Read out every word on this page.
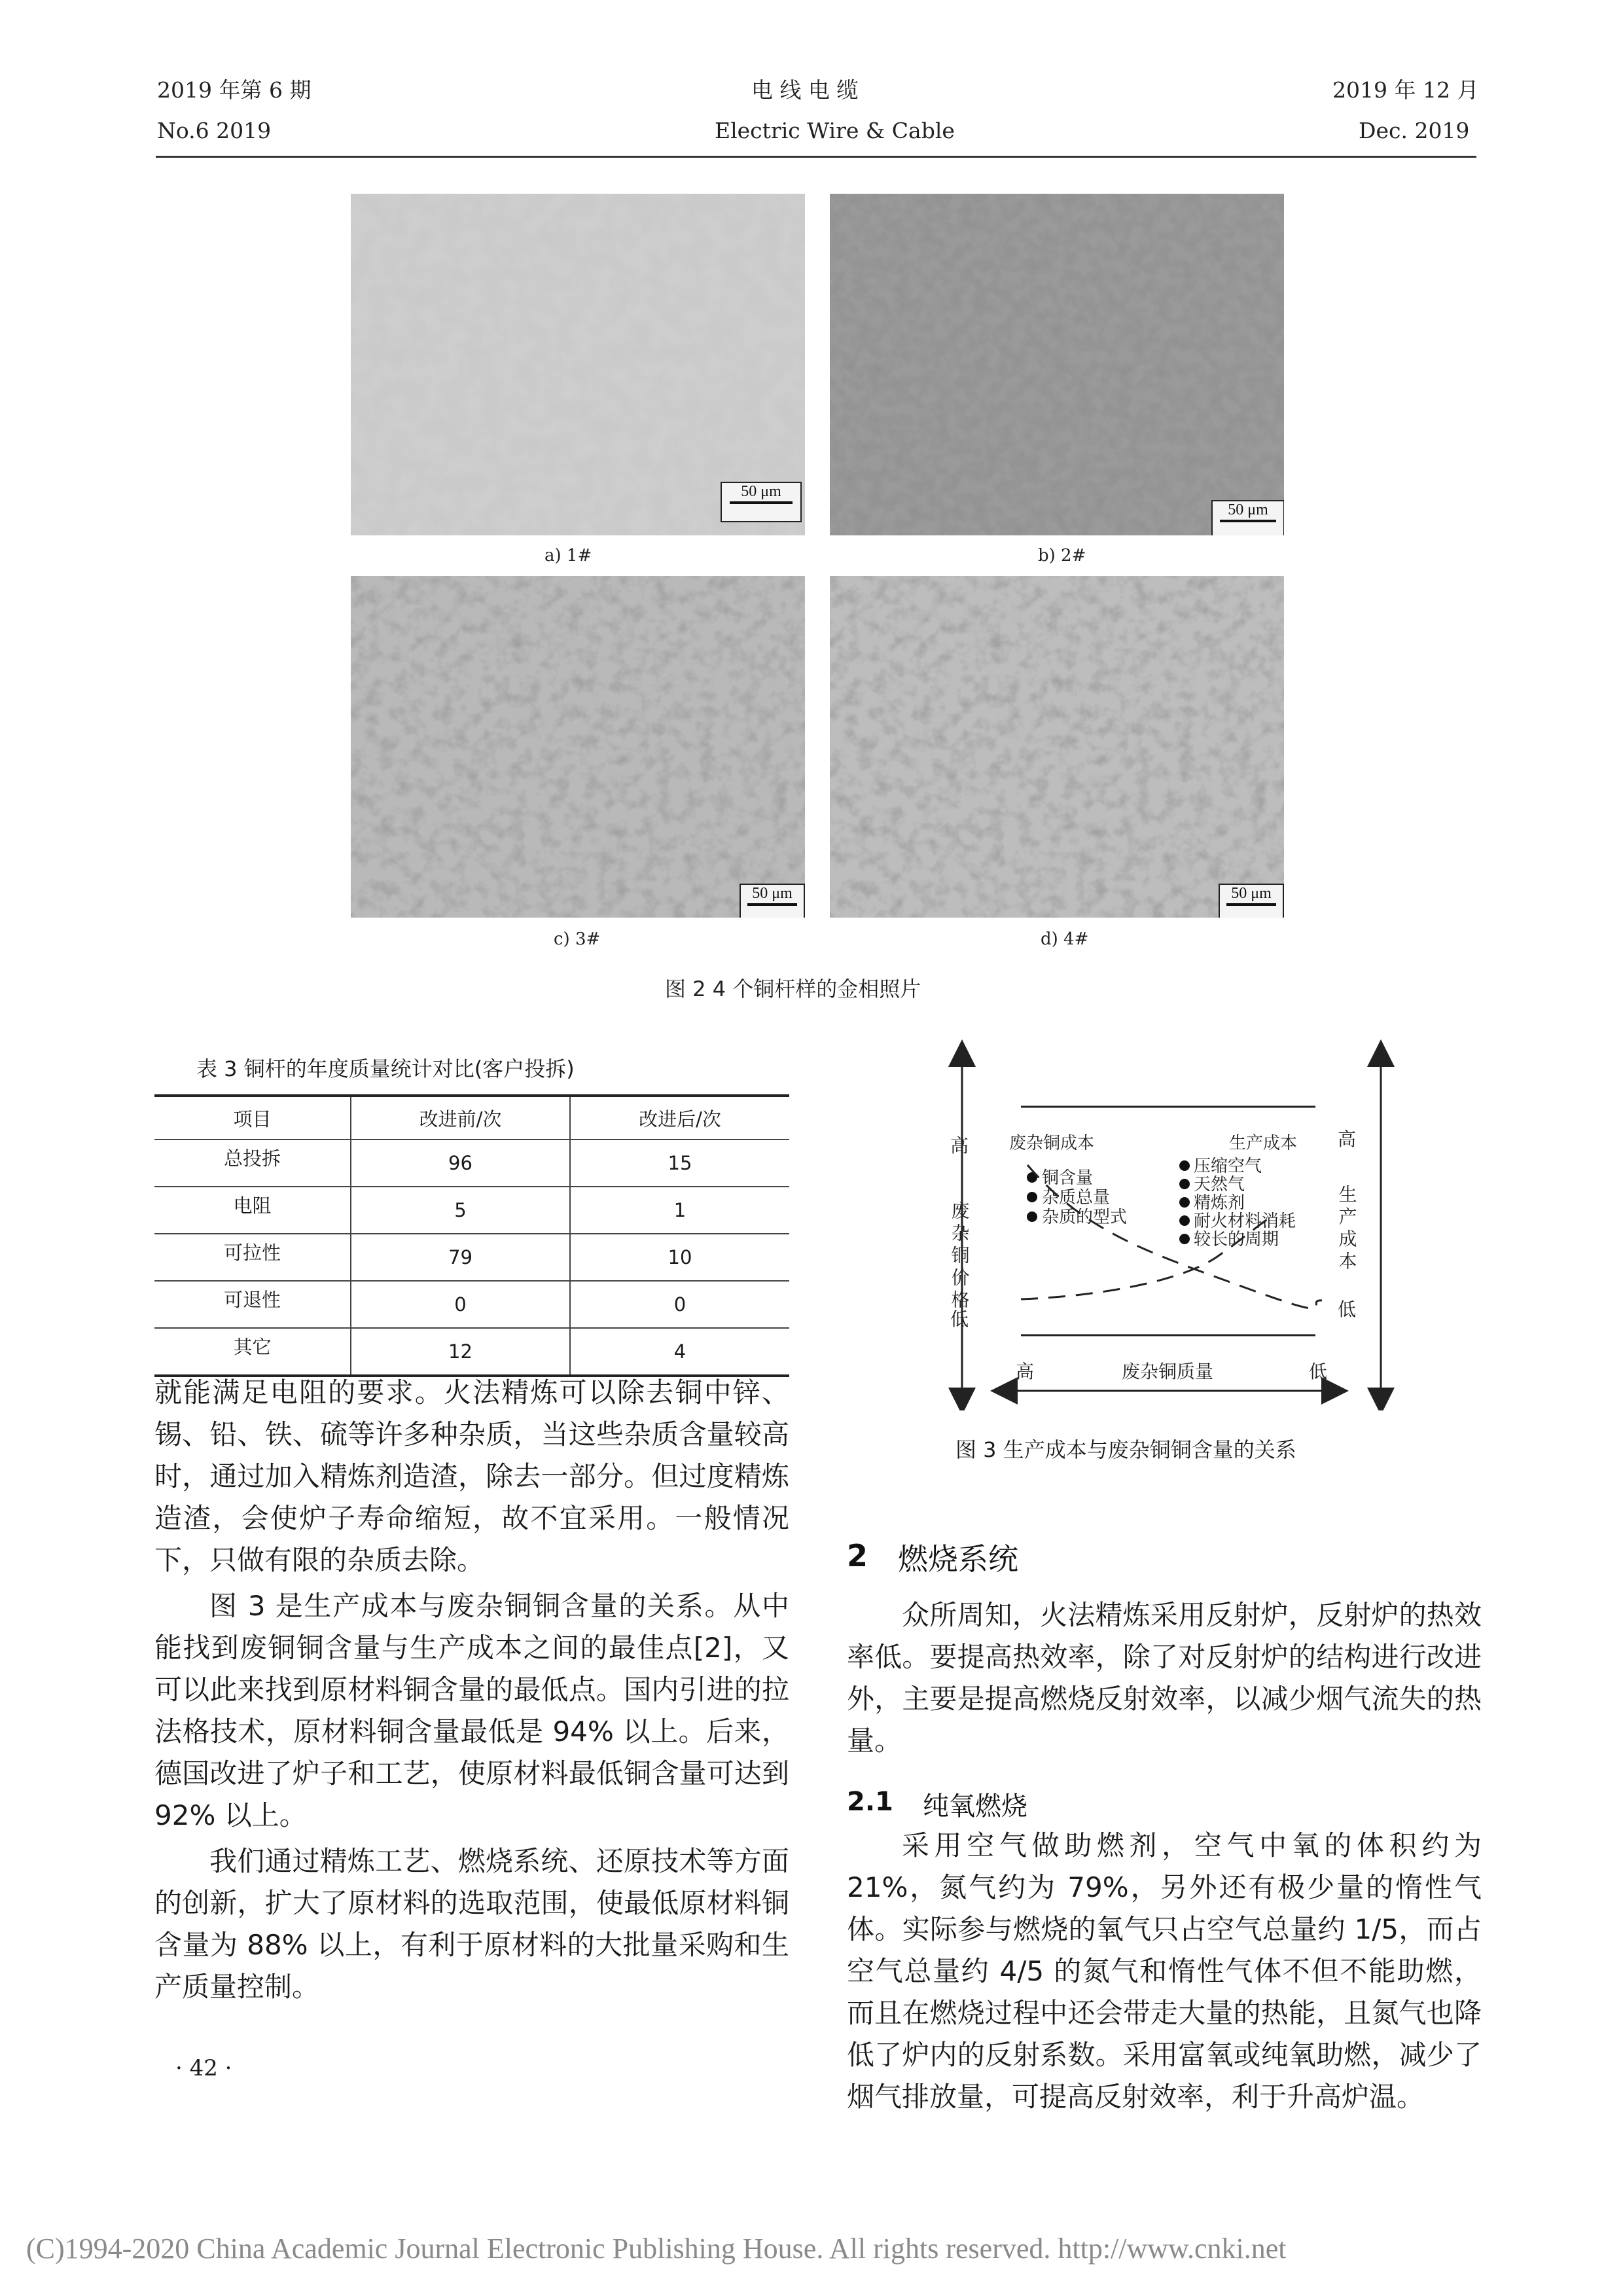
2019 年第 6 期
No.6 2019
电 线 电 缆
Electric Wire & Cable
2019 年 12 月
Dec. 2019
50 μm
a) 1#
50 μm
b) 2#
50 μm
c) 3#
50 μm
d) 4#
图 2 4 个铜杆样的金相照片
表 3 铜杆的年度质量统计对比(客户投拆)
项目	改进前/次	改进后/次
总投拆	96	15
电阻	5	1
可拉性	79	10
可退性	0	0
其它	12	4

就能满足电阻的要求。火法精炼可以除去铜中锌、锡、铅、铁、硫等许多种杂质，当这些杂质含量较高时，通过加入精炼剂造渣，除去一部分。但过度精炼造渣，会使炉子寿命缩短，故不宜采用。一般情况下，只做有限的杂质去除。

图 3 是生产成本与废杂铜铜含量的关系。从中能找到废铜铜含量与生产成本之间的最佳点[2]，又可以此来找到原材料铜含量的最低点。国内引进的拉法格技术，原材料铜含量最低是 94% 以上。后来，德国改进了炉子和工艺，使原材料最低铜含量可达到 92% 以上。

我们通过精炼工艺、燃烧系统、还原技术等方面的创新，扩大了原材料的选取范围，使最低原材料铜含量为 88% 以上，有利于原材料的大批量采购和生产质量控制。

高
低
废杂铜价格
高
低
生产成本
废杂铜成本	生产成本
铜含量
杂质总量
杂质的型式
压缩空气
天然气
精炼剂
耐火材料消耗
较长的周期
高	废杂铜质量	低
图 3 生产成本与废杂铜铜含量的关系
2 燃烧系统

众所周知，火法精炼采用反射炉，反射炉的热效率低。要提高热效率，除了对反射炉的结构进行改进外，主要是提高燃烧反射效率，以减少烟气流失的热量。

2.1 纯氧燃烧

采用空气做助燃剂，空气中氧的体积约为 21%，氮气约为 79%，另外还有极少量的惰性气体。实际参与燃烧的氧气只占空气总量约 1/5，而占空气总量约 4/5 的氮气和惰性气体不但不能助燃，而且在燃烧过程中还会带走大量的热能，且氮气也降低了炉内的反射系数。采用富氧或纯氧助燃，减少了烟气排放量，可提高反射效率，利于升高炉温。

· 42 ·
(C)1994-2020 China Academic Journal Electronic Publishing House. All rights reserved. http://www.cnki.net
